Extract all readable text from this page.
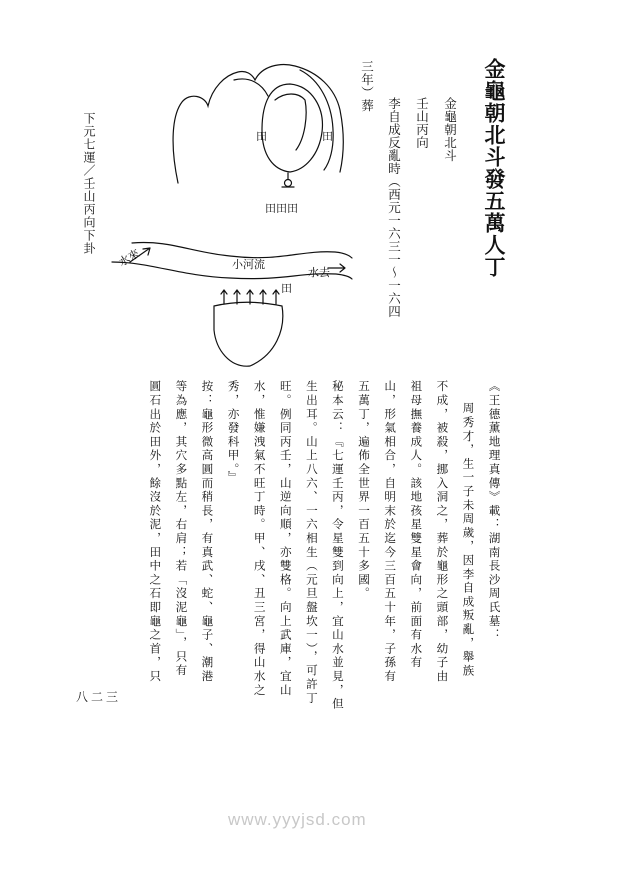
金龜朝北斗發五萬人丁
金龜朝北斗
壬山丙向
李自成反亂時（西元一六三一～一六四
三年）葬
下元七運／壬山丙向下卦	田	田
田田田
田
小河流
水去
水來
《王德薰地理真傳》載：湖南長沙周氏墓：
周秀才，生一子未周歲，因李自成叛亂，舉族
不成，被殺，挪入洞之，葬於龜形之頭部，幼子由
祖母撫養成人。該地孩星雙星會向，前面有水有
山，形氣相合，自明末於迄今三百五十年，子孫有
五萬丁，遍佈全世界一百五十多國。
秘本云：『七運壬丙，令星雙到向上，宜山水並見，但
生出耳。山上八六、一六相生（元旦盤坎一），可許丁
旺。例同丙壬，山逆向順，亦雙格。向上武庫，宜山
水，惟嫌洩氣不旺丁時。甲、戌、丑三宮，得山水之
秀，亦發科甲。』
按：龜形微高圓而稍長，有真武、蛇、龜子、潮港
等為應，其穴多點左，右肩；若「沒泥龜」，只有
圓石出於田外，餘沒於泥，田中之石即龜之首，只
八二三
www.yyyjsd.com
